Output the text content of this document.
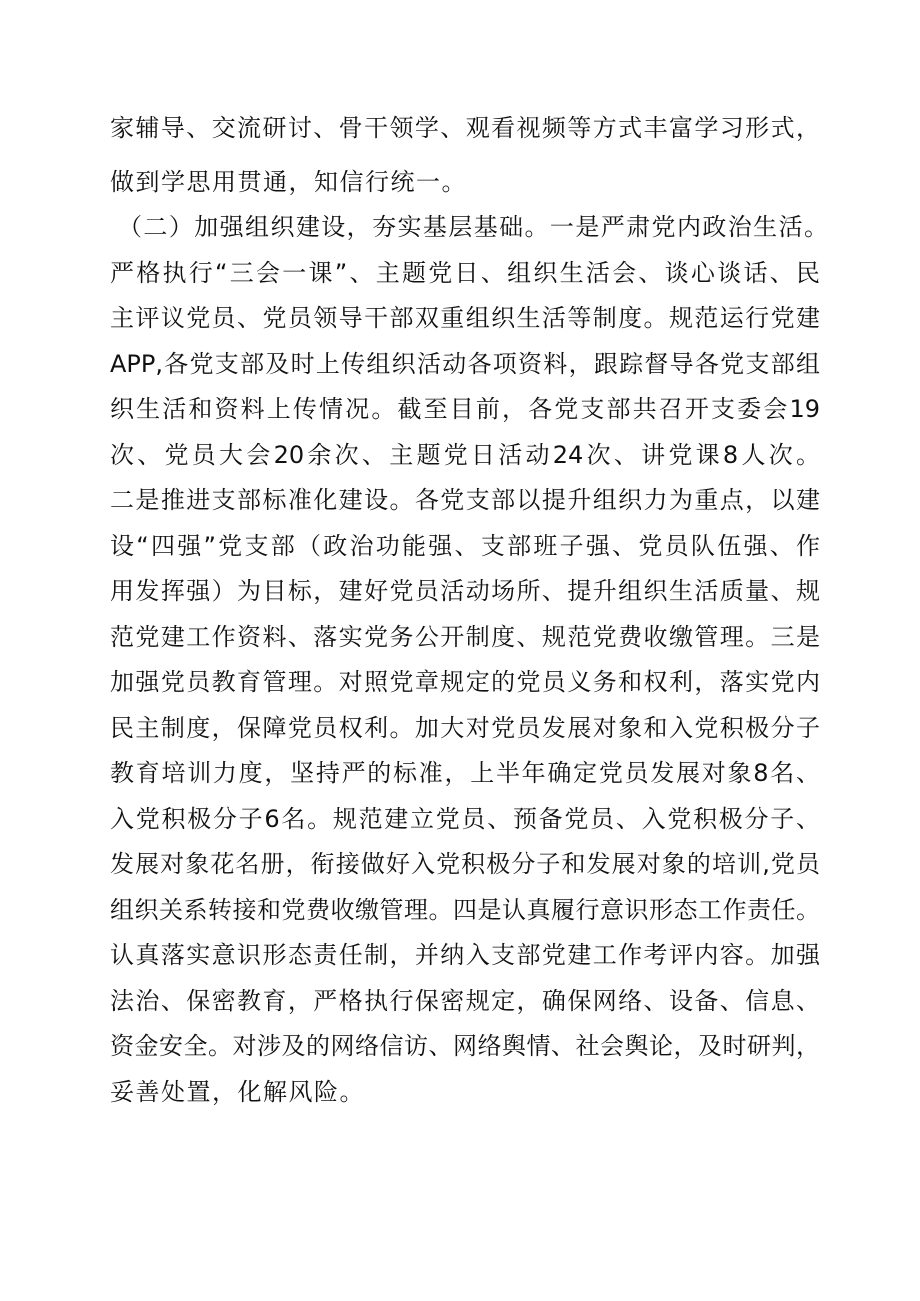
家辅导、交流研讨、骨干领学、观看视频等方式丰富学习形式，
做到学思用贯通，知信行统一。
（二）加强组织建设，夯实基层基础。一是严肃党内政治生活。
严格执行“三会一课”、主题党日、组织生活会、谈心谈话、民
主评议党员、党员领导干部双重组织生活等制度。规范运行党建
APP,各党支部及时上传组织活动各项资料，跟踪督导各党支部组
织生活和资料上传情况。截至目前，各党支部共召开支委会19
次、党员大会20余次、主题党日活动24次、讲党课8人次。
二是推进支部标准化建设。各党支部以提升组织力为重点，以建
设“四强”党支部（政治功能强、支部班子强、党员队伍强、作
用发挥强）为目标，建好党员活动场所、提升组织生活质量、规
范党建工作资料、落实党务公开制度、规范党费收缴管理。三是
加强党员教育管理。对照党章规定的党员义务和权利，落实党内
民主制度，保障党员权利。加大对党员发展对象和入党积极分子
教育培训力度，坚持严的标准，上半年确定党员发展对象8名、
入党积极分子6名。规范建立党员、预备党员、入党积极分子、
发展对象花名册，衔接做好入党积极分子和发展对象的培训,党员
组织关系转接和党费收缴管理。四是认真履行意识形态工作责任。
认真落实意识形态责任制，并纳入支部党建工作考评内容。加强
法治、保密教育，严格执行保密规定，确保网络、设备、信息、
资金安全。对涉及的网络信访、网络舆情、社会舆论，及时研判，
妥善处置，化解风险。
